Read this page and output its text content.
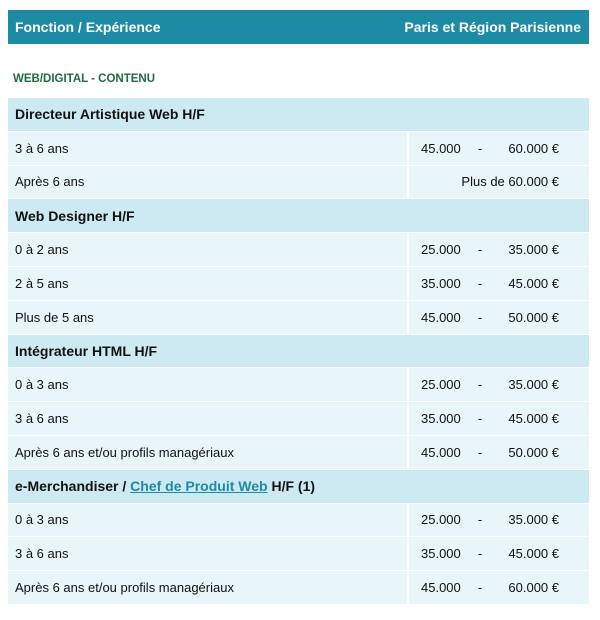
Fonction / Expérience	Paris et Région Parisienne
WEB/DIGITAL - CONTENU
Directeur Artistique Web H/F
3 à 6 ans	45.000	-	60.000 €
Après 6 ans	Plus de 60.000 €
Web Designer H/F
0 à 2 ans	25.000	-	35.000 €
2 à 5 ans	35.000	-	45.000 €
Plus de 5 ans	45.000	-	50.000 €
Intégrateur HTML H/F
0 à 3 ans	25.000	-	35.000 €
3 à 6 ans	35.000	-	45.000 €
Après 6 ans et/ou profils managériaux	45.000	-	50.000 €
e-Merchandiser / Chef de Produit Web H/F (1)
0 à 3 ans	25.000	-	35.000 €
3 à 6 ans	35.000	-	45.000 €
Après 6 ans et/ou profils managériaux	45.000	-	60.000 €
